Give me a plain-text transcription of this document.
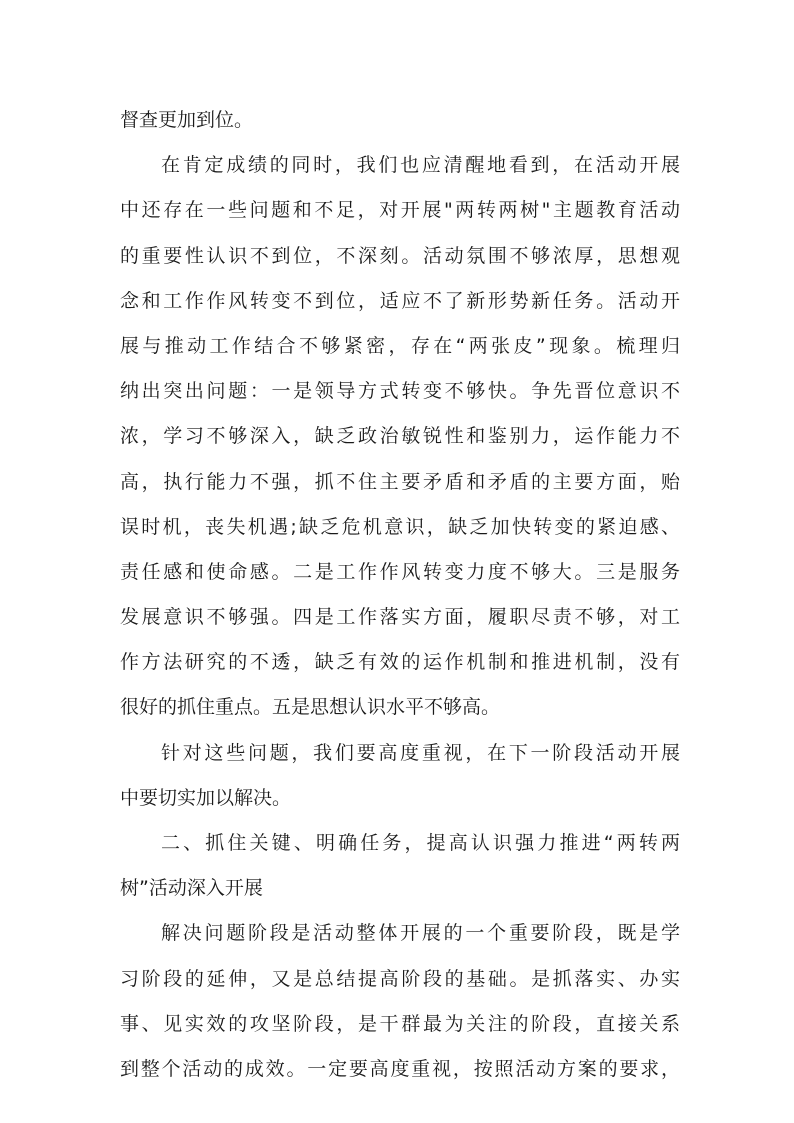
督查更加到位。
在肯定成绩的同时，我们也应清醒地看到，在活动开展
中还存在一些问题和不足，对开展"两转两树"主题教育活动
的重要性认识不到位，不深刻。活动氛围不够浓厚，思想观
念和工作作风转变不到位，适应不了新形势新任务。活动开
展与推动工作结合不够紧密，存在“两张皮”现象。梳理归
纳出突出问题：一是领导方式转变不够快。争先晋位意识不
浓，学习不够深入，缺乏政治敏锐性和鉴别力，运作能力不
高，执行能力不强，抓不住主要矛盾和矛盾的主要方面，贻
误时机，丧失机遇;缺乏危机意识，缺乏加快转变的紧迫感、
责任感和使命感。二是工作作风转变力度不够大。三是服务
发展意识不够强。四是工作落实方面，履职尽责不够，对工
作方法研究的不透，缺乏有效的运作机制和推进机制，没有
很好的抓住重点。五是思想认识水平不够高。
针对这些问题，我们要高度重视，在下一阶段活动开展
中要切实加以解决。
二、抓住关键、明确任务，提高认识强力推进“两转两
树”活动深入开展
解决问题阶段是活动整体开展的一个重要阶段，既是学
习阶段的延伸，又是总结提高阶段的基础。是抓落实、办实
事、见实效的攻坚阶段，是干群最为关注的阶段，直接关系
到整个活动的成效。一定要高度重视，按照活动方案的要求，
